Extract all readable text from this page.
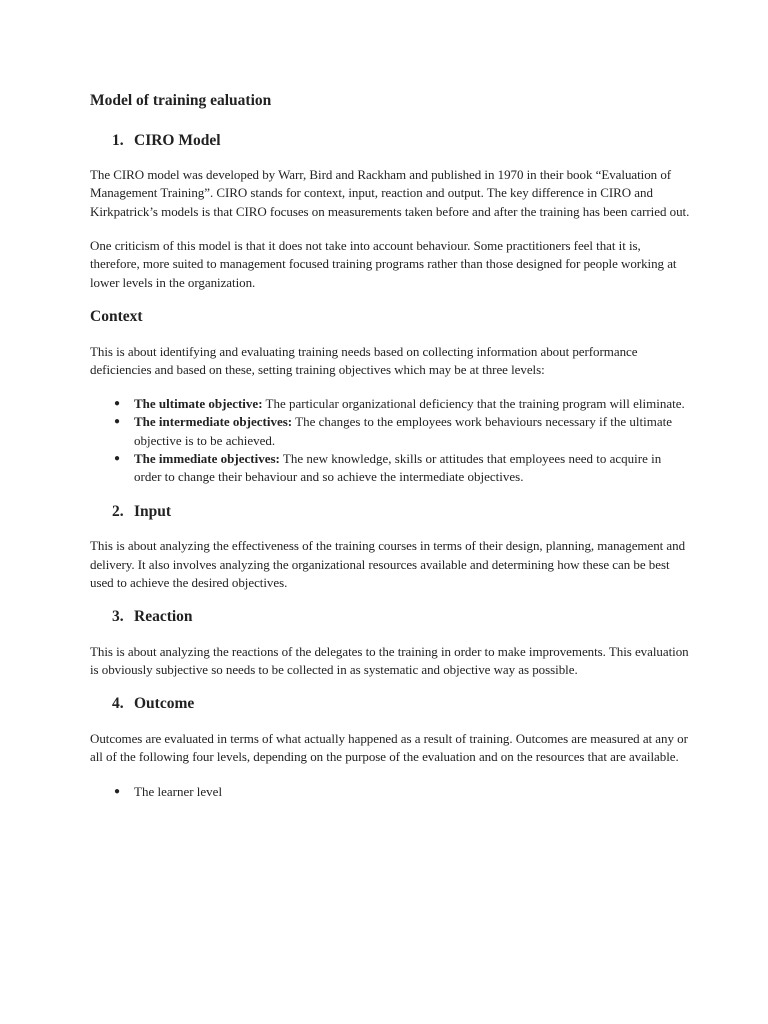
Model of training ealuation
1. CIRO Model

The CIRO model was developed by Warr, Bird and Rackham and published in 1970 in their book “Evaluation of Management Training”. CIRO stands for context, input, reaction and output. The key difference in CIRO and Kirkpatrick’s models is that CIRO focuses on measurements taken before and after the training has been carried out.

One criticism of this model is that it does not take into account behaviour. Some practitioners feel that it is, therefore, more suited to management focused training programs rather than those designed for people working at lower levels in the organization.

Context

This is about identifying and evaluating training needs based on collecting information about performance deficiencies and based on these, setting training objectives which may be at three levels:

●	The ultimate objective: The particular organizational deficiency that the training program will eliminate.
●	The intermediate objectives: The changes to the employees work behaviours necessary if the ultimate objective is to be achieved.
●	The immediate objectives: The new knowledge, skills or attitudes that employees need to acquire in order to change their behaviour and so achieve the intermediate objectives.
2. Input

This is about analyzing the effectiveness of the training courses in terms of their design, planning, management and delivery. It also involves analyzing the organizational resources available and determining how these can be best used to achieve the desired objectives.

3. Reaction

This is about analyzing the reactions of the delegates to the training in order to make improvements. This evaluation is obviously subjective so needs to be collected in as systematic and objective way as possible.

4. Outcome

Outcomes are evaluated in terms of what actually happened as a result of training. Outcomes are measured at any or all of the following four levels, depending on the purpose of the evaluation and on the resources that are available.

●	The learner level
